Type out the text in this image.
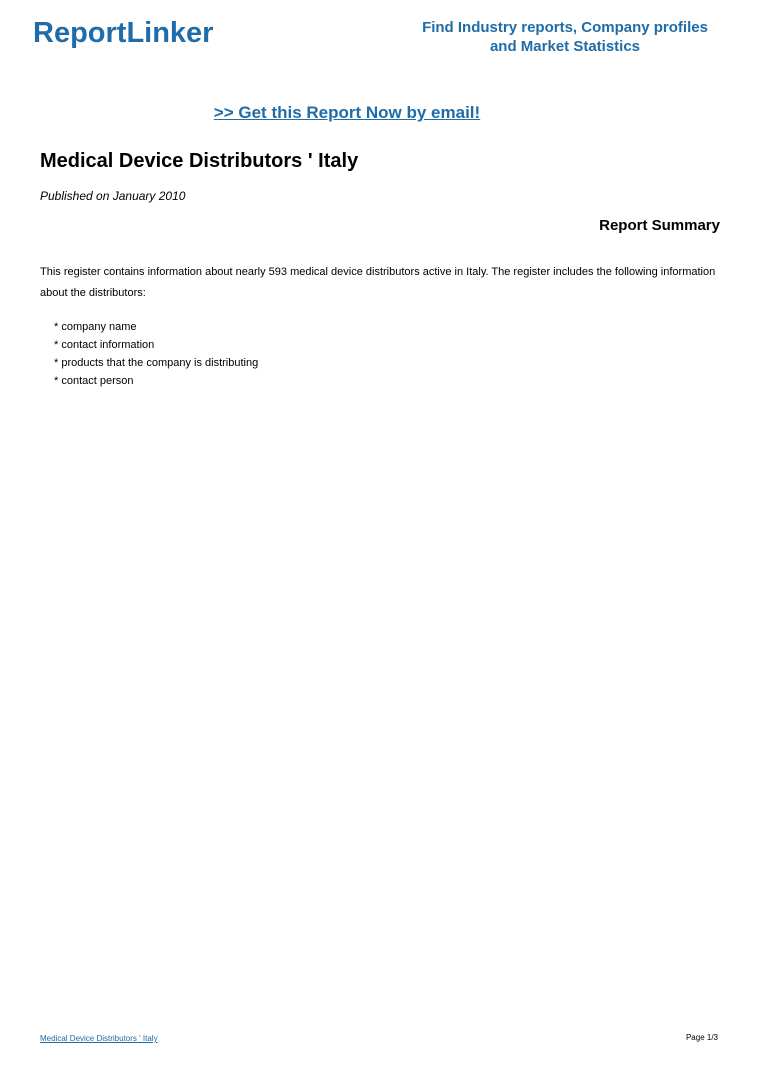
ReportLinker	Find Industry reports, Company profiles
and Market Statistics
>> Get this Report Now by email!
Medical Device Distributors ' Italy
Published on January 2010
Report Summary

This register contains information about nearly 593 medical device distributors active in Italy. The register includes the following information about the distributors:

* company name
* contact information
* products that the company is distributing
* contact person
Medical Device Distributors ' Italy	Page 1/3
